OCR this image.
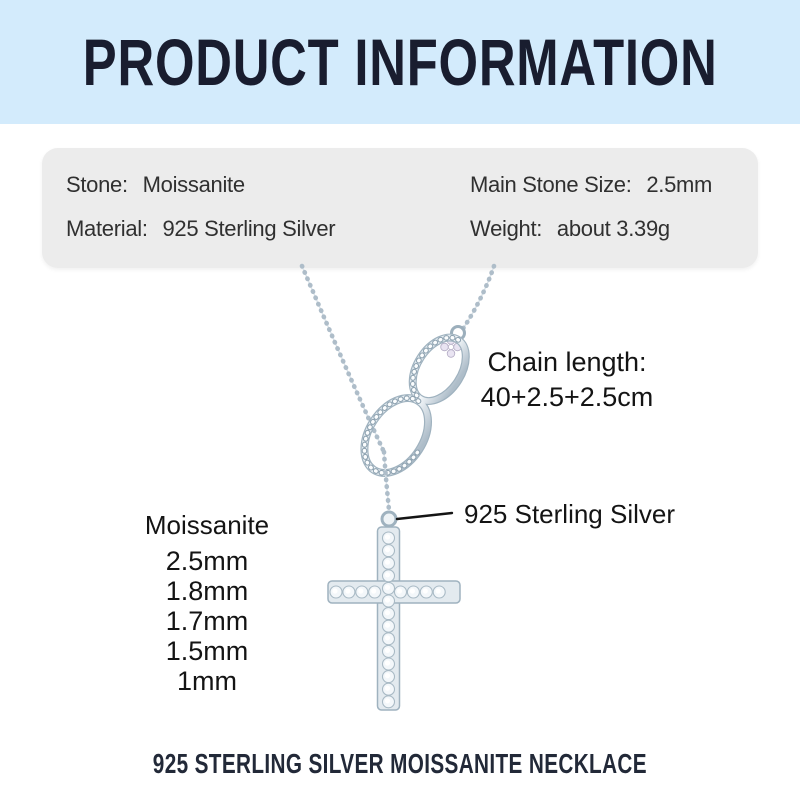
PRODUCT INFORMATION
Stone: Moissanite
Material: 925 Sterling Silver
Main Stone Size: 2.5mm
Weight: about 3.39g
Chain length:
40+2.5+2.5cm
925 Sterling Silver
Moissanite
2.5mm
1.8mm
1.7mm
1.5mm
1mm
925 STERLING SILVER MOISSANITE NECKLACE
